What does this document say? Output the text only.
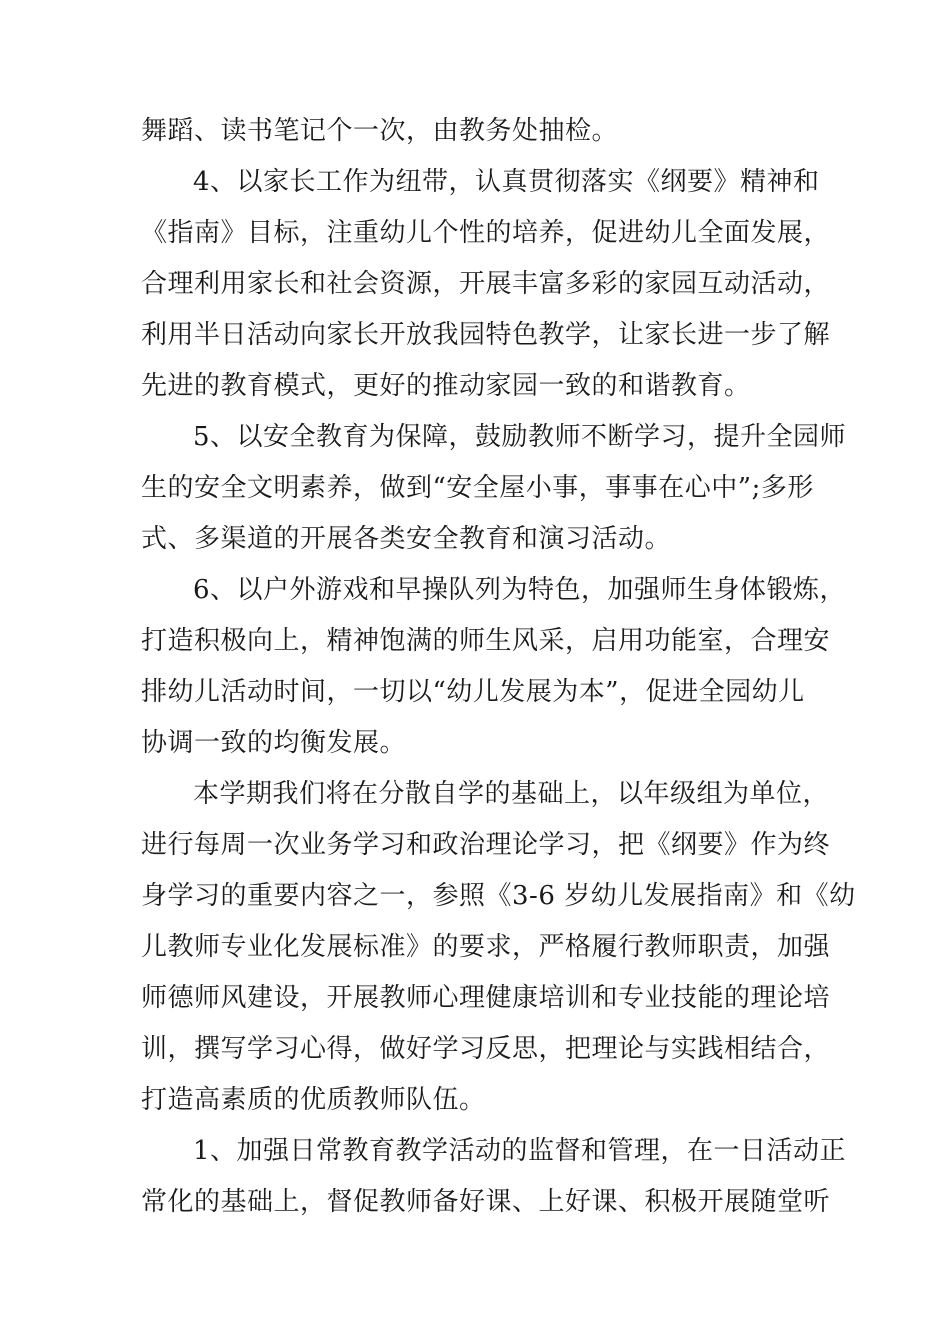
舞蹈、读书笔记个一次，由教务处抽检。
4、以家长工作为纽带，认真贯彻落实《纲要》精神和
《指南》目标，注重幼儿个性的培养，促进幼儿全面发展，
合理利用家长和社会资源，开展丰富多彩的家园互动活动，
利用半日活动向家长开放我园特色教学，让家长进一步了解
先进的教育模式，更好的推动家园一致的和谐教育。
5、以安全教育为保障，鼓励教师不断学习，提升全园师
生的安全文明素养，做到“安全屋小事，事事在心中”;多形
式、多渠道的开展各类安全教育和演习活动。
6、以户外游戏和早操队列为特色，加强师生身体锻炼，
打造积极向上，精神饱满的师生风采，启用功能室，合理安
排幼儿活动时间，一切以“幼儿发展为本”，促进全园幼儿
协调一致的均衡发展。
本学期我们将在分散自学的基础上，以年级组为单位，
进行每周一次业务学习和政治理论学习，把《纲要》作为终
身学习的重要内容之一，参照《3-6 岁幼儿发展指南》和《幼
儿教师专业化发展标准》的要求，严格履行教师职责，加强
师德师风建设，开展教师心理健康培训和专业技能的理论培
训，撰写学习心得，做好学习反思，把理论与实践相结合，
打造高素质的优质教师队伍。
1、加强日常教育教学活动的监督和管理，在一日活动正
常化的基础上，督促教师备好课、上好课、积极开展随堂听
